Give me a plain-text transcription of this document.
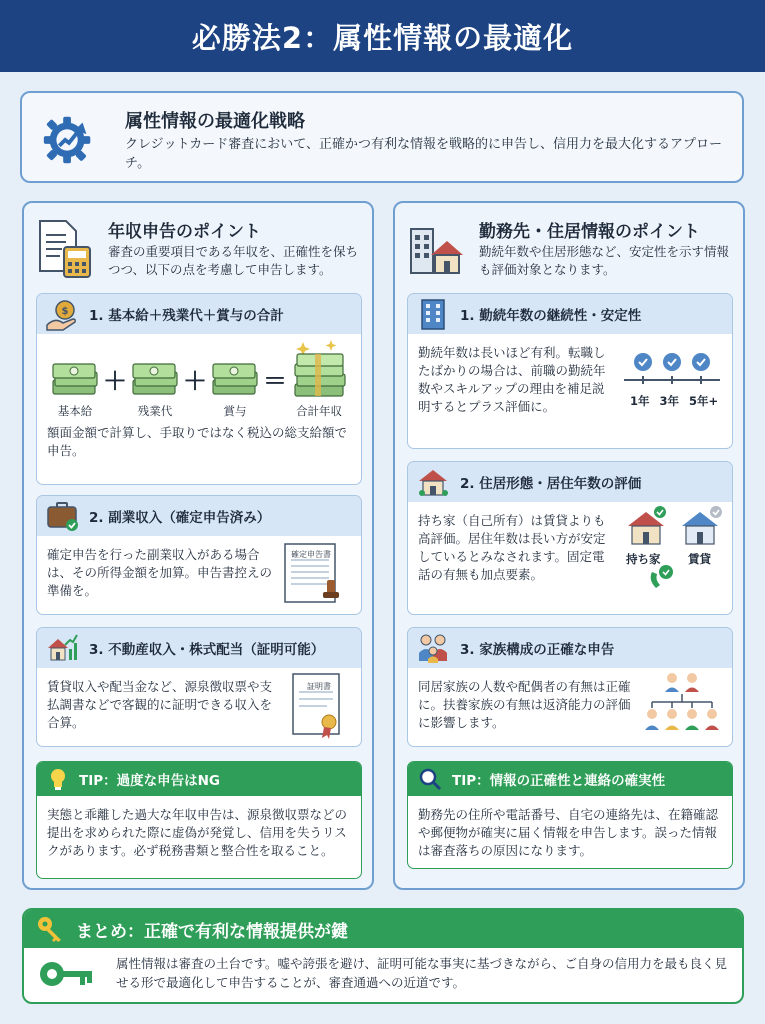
必勝法2：属性情報の最適化
属性情報の最適化戦略
クレジットカード審査において、正確かつ有利な情報を戦略的に申告し、信用力を最大化するアプローチ。
年収申告のポイント
審査の重要項目である年収を、正確性を保ちつつ、以下の点を考慮して申告します。
$ 1. 基本給＋残業代＋賞与の合計
基本給
＋
残業代
＋
賞与
＝
合計年収
額面金額で計算し、手取りではなく税込の総支給額で申告。
2. 副業収入（確定申告済み）
確定申告を行った副業収入がある場合は、その所得金額を加算。申告書控えの準備を。
確定申告書
3. 不動産収入・株式配当（証明可能）
賃貸収入や配当金など、源泉徴収票や支払調書などで客観的に証明できる収入を合算。
証明書
TIP：過度な申告はNG
実態と乖離した過大な年収申告は、源泉徴収票などの提出を求められた際に虚偽が発覚し、信用を失うリスクがあります。必ず税務書類と整合性を取ること。
勤務先・住居情報のポイント
勤続年数や住居形態など、安定性を示す情報も評価対象となります。
1. 勤続年数の継続性・安定性
勤続年数は長いほど有利。転職したばかりの場合は、前職の勤続年数やスキルアップの理由を補足説明するとプラス評価に。	1年 3年 5年+
2. 住居形態・居住年数の評価
持ち家（自己所有）は賃貸よりも高評価。居住年数は長い方が安定しているとみなされます。固定電話の有無も加点要素。
持ち家 賃貸
3. 家族構成の正確な申告
同居家族の人数や配偶者の有無は正確に。扶養家族の有無は返済能力の評価に影響します。
TIP：情報の正確性と連絡の確実性
勤務先の住所や電話番号、自宅の連絡先は、在籍確認や郵便物が確実に届く情報を申告します。誤った情報は審査落ちの原因になります。
まとめ：正確で有利な情報提供が鍵
属性情報は審査の土台です。嘘や誇張を避け、証明可能な事実に基づきながら、ご自身の信用力を最も良く見せる形で最適化して申告することが、審査通過への近道です。
